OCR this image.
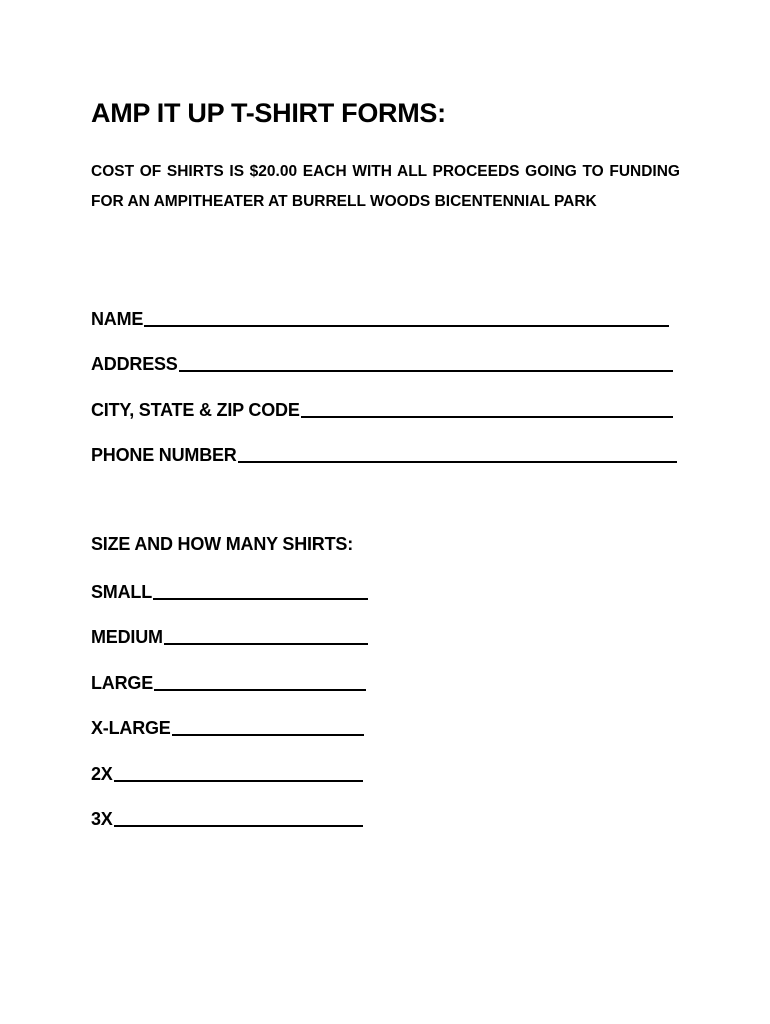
AMP IT UP T-SHIRT FORMS:
COST OF SHIRTS IS $20.00 EACH WITH ALL PROCEEDS GOING TO FUNDING FOR AN AMPITHEATER AT BURRELL WOODS BICENTENNIAL PARK
NAME
ADDRESS
CITY, STATE & ZIP CODE
PHONE NUMBER
SIZE AND HOW MANY SHIRTS:
SMALL
MEDIUM
LARGE
X-LARGE
2X
3X
